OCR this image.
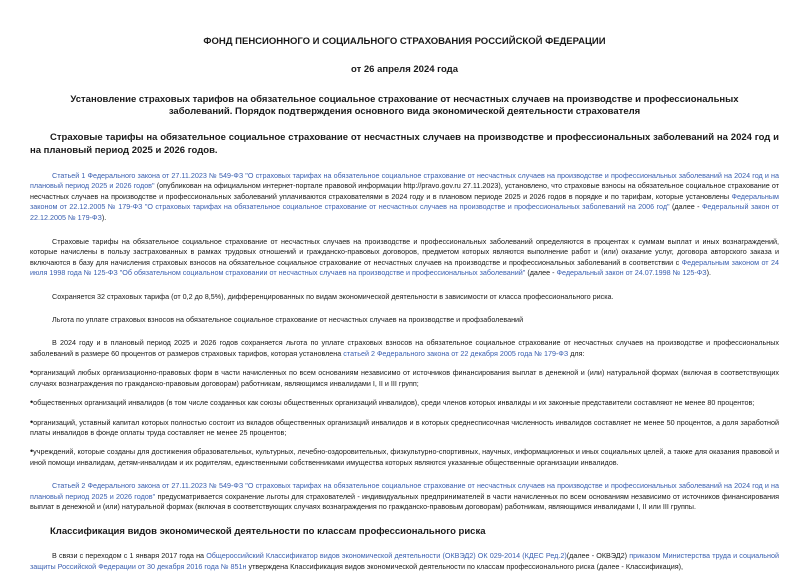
ФОНД ПЕНСИОННОГО И СОЦИАЛЬНОГО СТРАХОВАНИЯ РОССИЙСКОЙ ФЕДЕРАЦИИ
от 26 апреля 2024 года
Установление страховых тарифов на обязательное социальное страхование от несчастных случаев на производстве и профессиональных заболеваний. Порядок подтверждения основного вида экономической деятельности страхователя
Страховые тарифы на обязательное социальное страхование от несчастных случаев на производстве и профессиональных заболеваний на 2024 год и на плановый период 2025 и 2026 годов.

Статьей 1 Федерального закона от 27.11.2023 № 549-ФЗ "О страховых тарифах на обязательное социальное страхование от несчастных случаев на производстве и профессиональных заболеваний на 2024 год и на плановый период 2025 и 2026 годов" (опубликован на официальном интернет-портале правовой информации http://pravo.gov.ru 27.11.2023), установлено, что страховые взносы на обязательное социальное страхование от несчастных случаев на производстве и профессиональных заболеваний уплачиваются страхователями в 2024 году и в плановом периоде 2025 и 2026 годов в порядке и по тарифам, которые установлены Федеральным законом от 22.12.2005 № 179-ФЗ "О страховых тарифах на обязательное социальное страхование от несчастных случаев на производстве и профессиональных заболеваний на 2006 год" (далее - Федеральный закон от 22.12.2005 № 179-ФЗ).

Страховые тарифы на обязательное социальное страхование от несчастных случаев на производстве и профессиональных заболеваний определяются в процентах к суммам выплат и иных вознаграждений, которые начислены в пользу застрахованных в рамках трудовых отношений и гражданско-правовых договоров, предметом которых являются выполнение работ и (или) оказание услуг, договора авторского заказа и включаются в базу для начисления страховых взносов на обязательное социальное страхование от несчастных случаев на производстве и профессиональных заболеваний в соответствии с Федеральным законом от 24 июля 1998 года № 125-ФЗ "Об обязательном социальном страховании от несчастных случаев на производстве и профессиональных заболеваний" (далее - Федеральный закон от 24.07.1998 № 125-ФЗ).

Сохраняется 32 страховых тарифа (от 0,2 до 8,5%), дифференцированных по видам экономической деятельности в зависимости от класса профессионального риска.

Льгота по уплате страховых взносов на обязательное социальное страхование от несчастных случаев на производстве и профзаболеваний

В 2024 году и в плановый период 2025 и 2026 годов сохраняется льгота по уплате страховых взносов на обязательное социальное страхование от несчастных случаев на производстве и профессиональных заболеваний в размере 60 процентов от размеров страховых тарифов, которая установлена статьей 2 Федерального закона от 22 декабря 2005 года № 179-ФЗ для:

•организаций любых организационно-правовых форм в части начисленных по всем основаниям независимо от источников финансирования выплат в денежной и (или) натуральной формах (включая в соответствующих случаях вознаграждения по гражданско-правовым договорам) работникам, являющимся инвалидами I, II и III групп;

•общественных организаций инвалидов (в том числе созданных как союзы общественных организаций инвалидов), среди членов которых инвалиды и их законные представители составляют не менее 80 процентов;

•организаций, уставный капитал которых полностью состоит из вкладов общественных организаций инвалидов и в которых среднесписочная численность инвалидов составляет не менее 50 процентов, а доля заработной платы инвалидов в фонде оплаты труда составляет не менее 25 процентов;

•учреждений, которые созданы для достижения образовательных, культурных, лечебно-оздоровительных, физкультурно-спортивных, научных, информационных и иных социальных целей, а также для оказания правовой и иной помощи инвалидам, детям-инвалидам и их родителям, единственными собственниками имущества которых являются указанные общественные организации инвалидов.

Статьей 2 Федерального закона от 27.11.2023 № 549-ФЗ "О страховых тарифах на обязательное социальное страхование от несчастных случаев на производстве и профессиональных заболеваний на 2024 год и на плановый период 2025 и 2026 годов" предусматривается сохранение льготы для страхователей - индивидуальных предпринимателей в части начисленных по всем основаниям независимо от источников финансирования выплат в денежной и (или) натуральной формах (включая в соответствующих случаях вознаграждения по гражданско-правовым договорам) работникам, являющимся инвалидами I, II или III группы.

Классификация видов экономической деятельности по классам профессионального риска

В связи с переходом с 1 января 2017 года на Общероссийский Классификатор видов экономической деятельности (ОКВЭД2) ОК 029-2014 (КДЕС Ред.2)(далее - ОКВЭД2) приказом Министерства труда и социальной защиты Российской Федерации от 30 декабря 2016 года № 851н утверждена Классификация видов экономической деятельности по классам профессионального риска (далее - Классификация),
